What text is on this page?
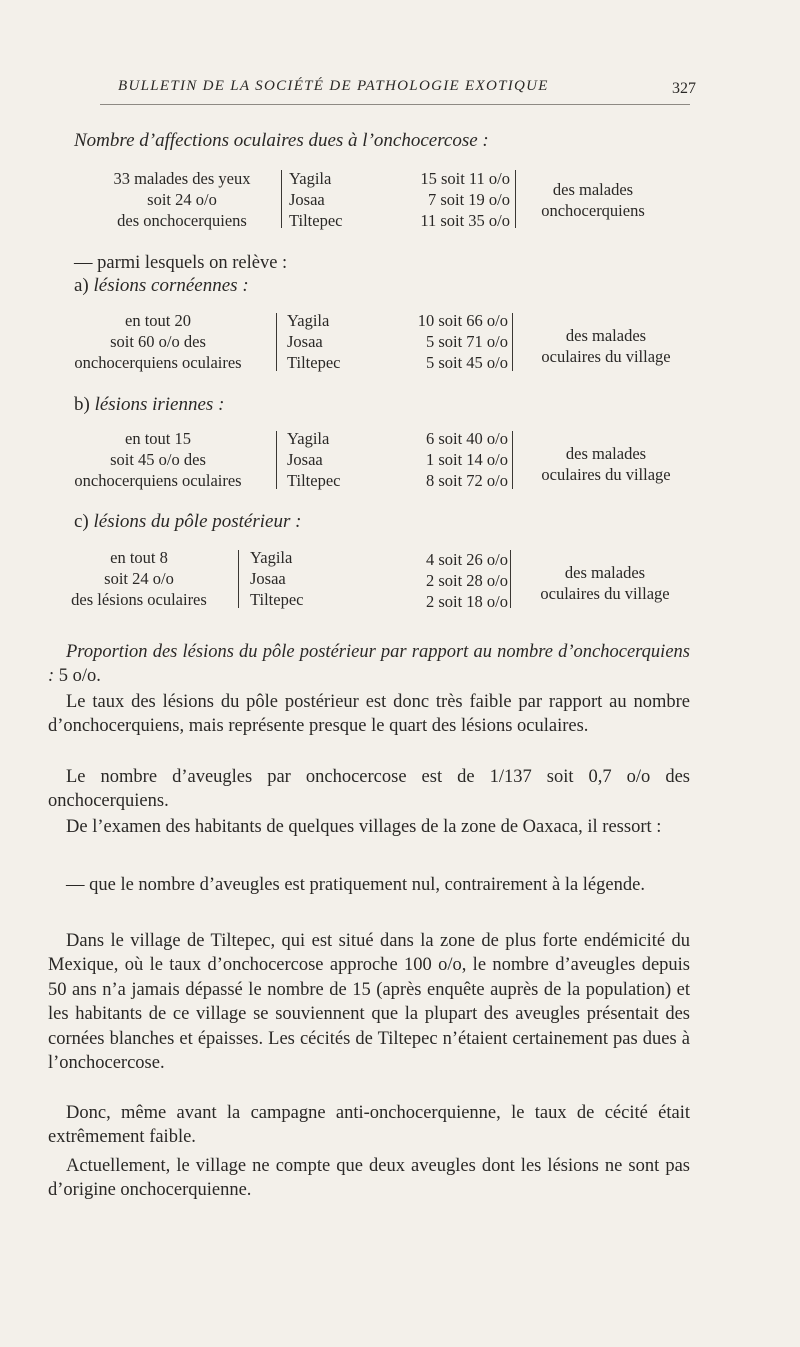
BULLETIN DE LA SOCIÉTÉ DE PATHOLOGIE EXOTIQUE	327
Nombre d’affections oculaires dues à l’onchocercose :
33 malades des yeux
soit 24 o/o
des onchocerquiens
Yagila
Josaa
Tiltepec
15 soit 11 o/o
7 soit 19 o/o
11 soit 35 o/o
des malades
onchocerquiens
— parmi lesquels on relève :
a) lésions cornéennes :
en tout 20
soit 60 o/o des
onchocerquiens oculaires
Yagila
Josaa
Tiltepec
10 soit 66 o/o
5 soit 71 o/o
5 soit 45 o/o
des malades
oculaires du village
b) lésions iriennes :
en tout 15
soit 45 o/o des
onchocerquiens oculaires
Yagila
Josaa
Tiltepec
6 soit 40 o/o
1 soit 14 o/o
8 soit 72 o/o
des malades
oculaires du village
c) lésions du pôle postérieur :
en tout 8
soit 24 o/o
des lésions oculaires
Yagila
Josaa
Tiltepec
4 soit 26 o/o
2 soit 28 o/o
2 soit 18 o/o
des malades
oculaires du village

Proportion des lésions du pôle postérieur par rapport au nombre d’onchocerquiens : 5 o/o.

Le taux des lésions du pôle postérieur est donc très faible par rapport au nombre d’onchocerquiens, mais représente presque le quart des lésions oculaires.

Le nombre d’aveugles par onchocercose est de 1/137 soit 0,7 o/o des onchocerquiens.

De l’examen des habitants de quelques villages de la zone de Oaxaca, il ressort :

— que le nombre d’aveugles est pratiquement nul, contrairement à la légende.

Dans le village de Tiltepec, qui est situé dans la zone de plus forte endémicité du Mexique, où le taux d’onchocercose approche 100 o/o, le nombre d’aveugles depuis 50 ans n’a jamais dépassé le nombre de 15 (après enquête auprès de la population) et les habitants de ce village se souviennent que la plupart des aveugles présentait des cornées blanches et épaisses. Les cécités de Tiltepec n’étaient certainement pas dues à l’onchocercose.

Donc, même avant la campagne anti-onchocerquienne, le taux de cécité était extrêmement faible.

Actuellement, le village ne compte que deux aveugles dont les lésions ne sont pas d’origine onchocerquienne.
